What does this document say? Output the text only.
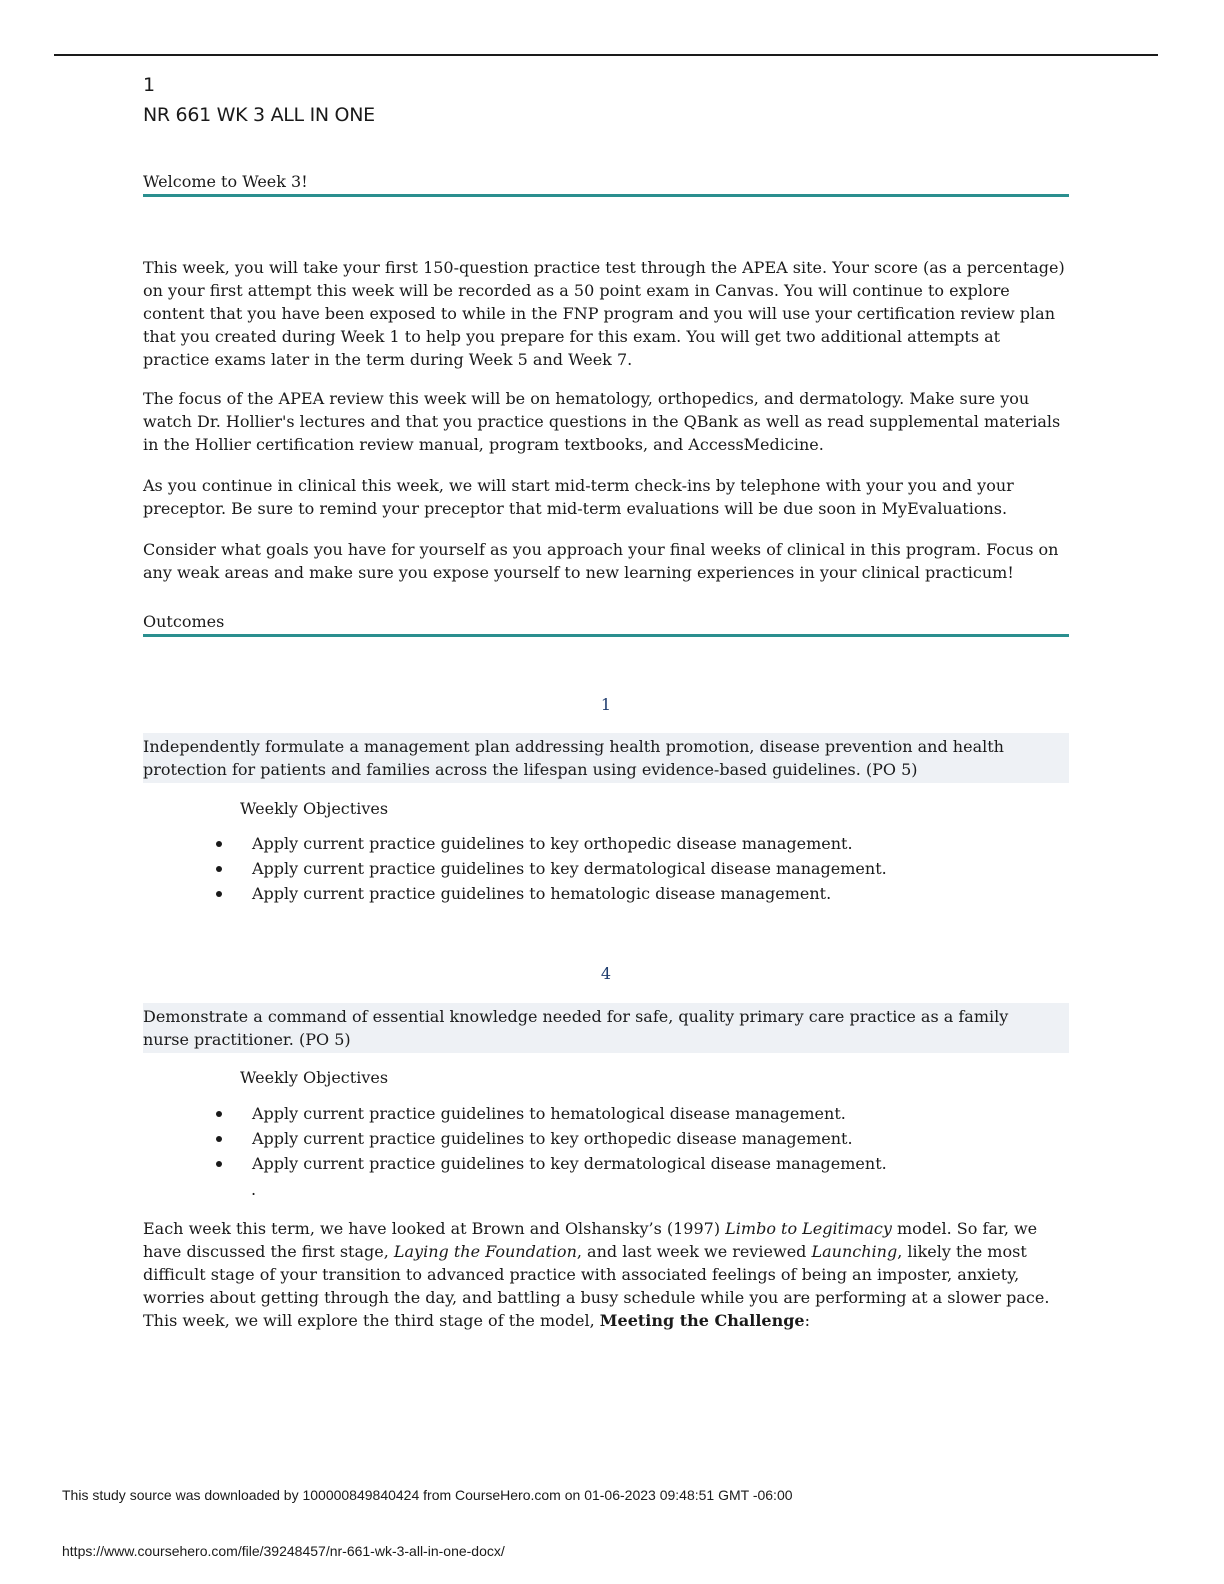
1
NR 661 WK 3 ALL IN ONE
Welcome to Week 3!

This week, you will take your first 150-question practice test through the APEA site. Your score (as a percentage) on your first attempt this week will be recorded as a 50 point exam in Canvas. You will continue to explore content that you have been exposed to while in the FNP program and you will use your certification review plan that you created during Week 1 to help you prepare for this exam. You will get two additional attempts at practice exams later in the term during Week 5 and Week 7.

The focus of the APEA review this week will be on hematology, orthopedics, and dermatology. Make sure you watch Dr. Hollier's lectures and that you practice questions in the QBank as well as read supplemental materials in the Hollier certification review manual, program textbooks, and AccessMedicine.

As you continue in clinical this week, we will start mid-term check-ins by telephone with your you and your preceptor. Be sure to remind your preceptor that mid-term evaluations will be due soon in MyEvaluations.

Consider what goals you have for yourself as you approach your final weeks of clinical in this program. Focus on any weak areas and make sure you expose yourself to new learning experiences in your clinical practicum!

Outcomes
1
Independently formulate a management plan addressing health promotion, disease prevention and health protection for patients and families across the lifespan using evidence-based guidelines. (PO 5)
Weekly Objectives
Apply current practice guidelines to key orthopedic disease management.
Apply current practice guidelines to key dermatological disease management.
Apply current practice guidelines to hematologic disease management.
4
Demonstrate a command of essential knowledge needed for safe, quality primary care practice as a family nurse practitioner. (PO 5)
Weekly Objectives
Apply current practice guidelines to hematological disease management.
Apply current practice guidelines to key orthopedic disease management.
Apply current practice guidelines to key dermatological disease management.
.

Each week this term, we have looked at Brown and Olshansky’s (1997) Limbo to Legitimacy model. So far, we have discussed the first stage, Laying the Foundation, and last week we reviewed Launching, likely the most difficult stage of your transition to advanced practice with associated feelings of being an imposter, anxiety, worries about getting through the day, and battling a busy schedule while you are performing at a slower pace. This week, we will explore the third stage of the model, Meeting the Challenge:

This study source was downloaded by 100000849840424 from CourseHero.com on 01-06-2023 09:48:51 GMT -06:00
https://www.coursehero.com/file/39248457/nr-661-wk-3-all-in-one-docx/
